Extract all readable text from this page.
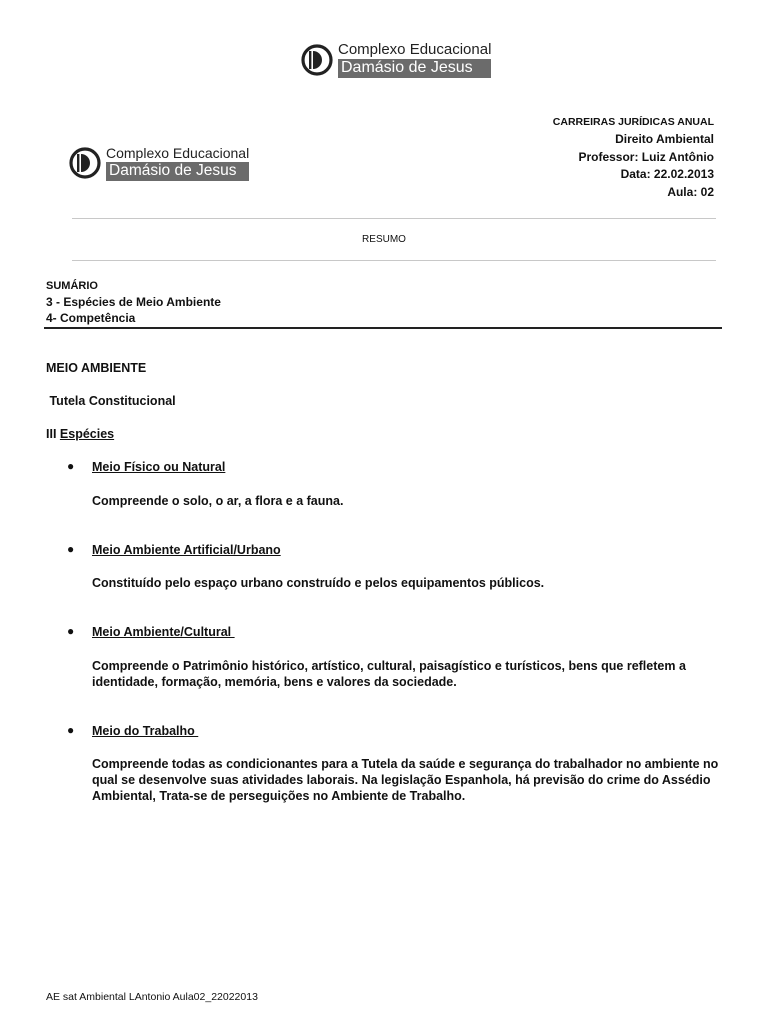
Complexo Educacional
Damásio de Jesus
Complexo Educacional
Damásio de Jesus
CARREIRAS JURÍDICAS ANUAL
Direito Ambiental
Professor: Luiz Antônio
Data: 22.02.2013
Aula: 02
RESUMO
SUMÁRIO
3 - Espécies de Meio Ambiente
4- Competência
MEIO AMBIENTE
Tutela Constitucional
III Espécies
● Meio Físico ou Natural
Compreende o solo, o ar, a flora e a fauna.
● Meio Ambiente Artificial/Urbano
Constituído pelo espaço urbano construído e pelos equipamentos públicos.
● Meio Ambiente/Cultural
Compreende o Patrimônio histórico, artístico, cultural, paisagístico e turísticos, bens que refletem a identidade, formação, memória, bens e valores da sociedade.
● Meio do Trabalho
Compreende todas as condicionantes para a Tutela da saúde e segurança do trabalhador no ambiente no qual se desenvolve suas atividades laborais. Na legislação Espanhola, há previsão do crime do Assédio Ambiental, Trata-se de perseguições no Ambiente de Trabalho.
AE sat Ambiental LAntonio Aula02_22022013
